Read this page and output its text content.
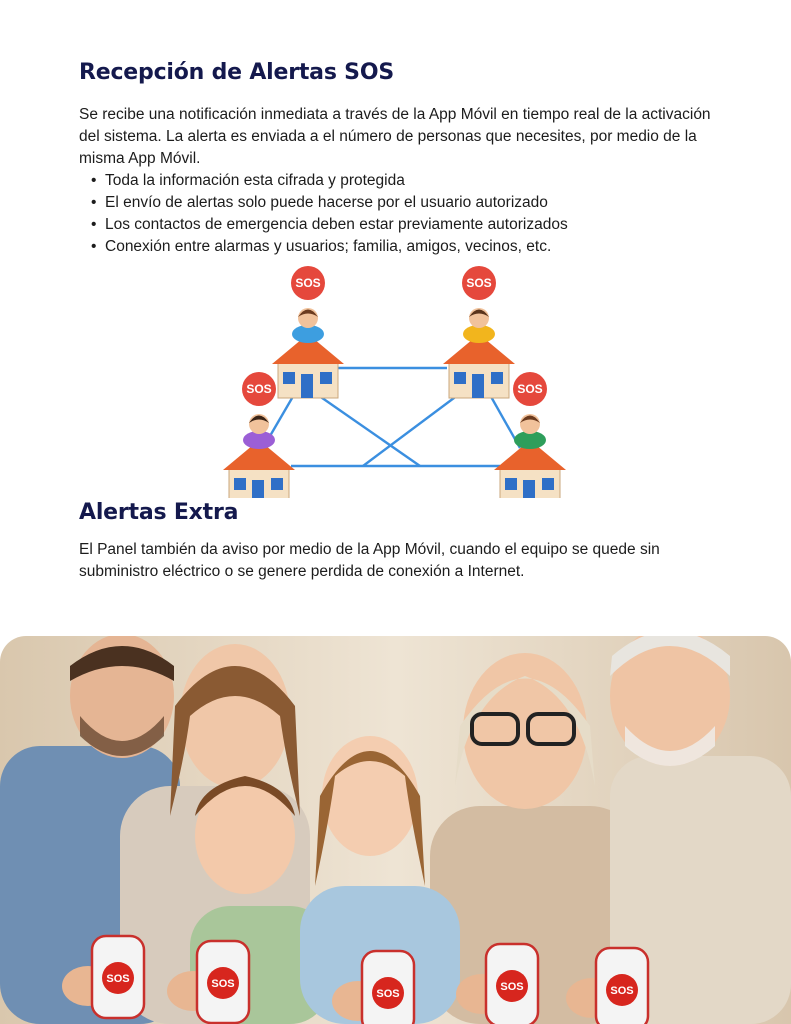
Recepción de Alertas SOS

Se recibe una notificación inmediata a través de la App Móvil en tiempo real de la activación del sistema. La alerta es enviada a el número de personas que necesites, por medio de la misma App Móvil.

• Toda la información esta cifrada y protegida
• El envío de alertas solo puede hacerse por el usuario autorizado
• Los contactos de emergencia deben estar previamente autorizados
• Conexión entre alarmas y usuarios; familia, amigos, vecinos, etc.
SOS	SOS
SOS	SOS
Alertas Extra

El Panel también da aviso por medio de la App Móvil, cuando el equipo se quede sin subministro eléctrico o se genere perdida de conexión a Internet.

SOS	SOS
SOS
SOS	SOS
